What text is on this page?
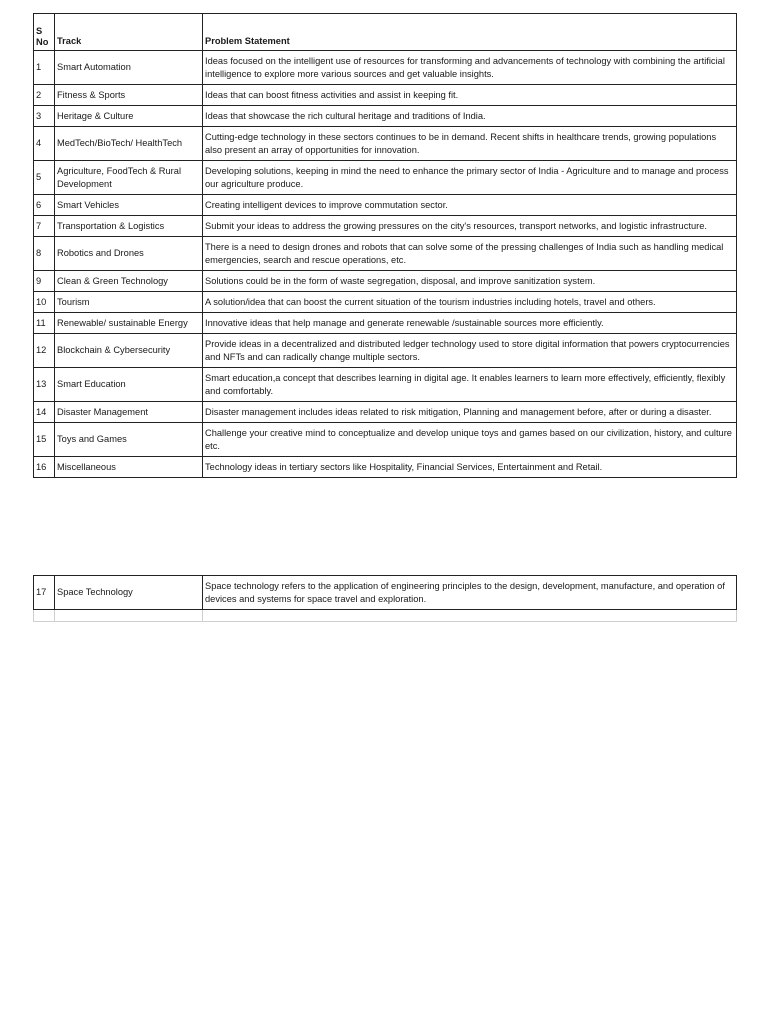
S No	Track	Problem Statement
1	Smart Automation	Ideas focused on the intelligent use of resources for transforming and advancements of technology with combining the artificial intelligence to explore more various sources and get valuable insights.
2	Fitness & Sports	Ideas that can boost fitness activities and assist in keeping fit.
3	Heritage & Culture	Ideas that showcase the rich cultural heritage and traditions of India.
4	MedTech/BioTech/ HealthTech	Cutting-edge technology in these sectors continues to be in demand. Recent shifts in healthcare trends, growing populations also present an array of opportunities for innovation.
5	Agriculture, FoodTech & Rural Development	Developing solutions, keeping in mind the need to enhance the primary sector of India - Agriculture and to manage and process our agriculture produce.
6	Smart Vehicles	Creating intelligent devices to improve commutation sector.
7	Transportation & Logistics	Submit your ideas to address the growing pressures on the city's resources, transport networks, and logistic infrastructure.
8	Robotics and Drones	There is a need to design drones and robots that can solve some of the pressing challenges of India such as handling medical emergencies, search and rescue operations, etc.
9	Clean & Green Technology	Solutions could be in the form of waste segregation, disposal, and improve sanitization system.
10	Tourism	A solution/idea that can boost the current situation of the tourism industries including hotels, travel and others.
11	Renewable/ sustainable Energy	Innovative ideas that help manage and generate renewable /sustainable sources more efficiently.
12	Blockchain & Cybersecurity	Provide ideas in a decentralized and distributed ledger technology used to store digital information that powers cryptocurrencies and NFTs and can radically change multiple sectors.
13	Smart Education	Smart education,a concept that describes learning in digital age. It enables learners to learn more effectively, efficiently, flexibly and comfortably.
14	Disaster Management	Disaster management includes ideas related to risk mitigation, Planning and management before, after or during a disaster.
15	Toys and Games	Challenge your creative mind to conceptualize and develop unique toys and games based on our civilization, history, and culture etc.
16	Miscellaneous	Technology ideas in tertiary sectors like Hospitality, Financial Services, Entertainment and Retail.
17	Space Technology	Space technology refers to the application of engineering principles to the design, development, manufacture, and operation of devices and systems for space travel and exploration.
